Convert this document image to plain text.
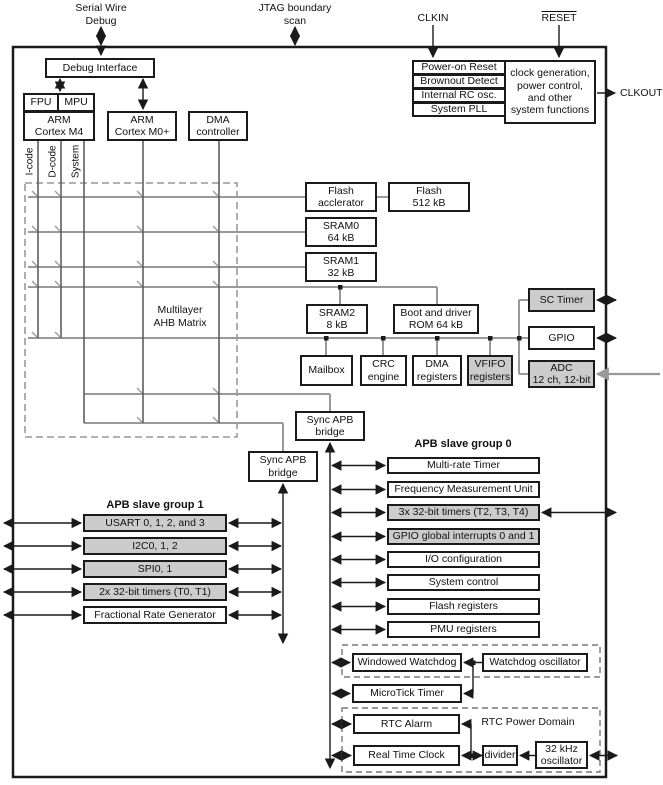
Serial Wire
Debug
JTAG boundary
scan	CLKIN	RESET
CLKOUT
Debug Interface
FPU	MPU
ARM
Cortex M4
ARM
Cortex M0+
DMA
controller
I-code D-code System
Power-on Reset
Brownout Detect
Internal RC osc.
System PLL
clock generation,
power control,
and other
system functions
Multilayer
AHB Matrix
Flash
acclerator
Flash
512 kB
SRAM0
64 kB
SRAM1
32 kB
SRAM2
8 kB
Boot and driver
ROM 64 kB
Mailbox
CRC
engine
DMA
registers
VFIFO
registers
SC Timer
GPIO
ADC
12 ch, 12-bit
Sync APB
bridge
Sync APB
bridge
APB slave group 0
Multi-rate Timer
Frequency Measurement Unit
3x 32-bit timers (T2, T3, T4)
GPIO global interrupts 0 and 1
I/O configuration
System control
Flash registers
PMU registers
APB slave group 1
USART 0, 1, 2, and 3
I2C0, 1, 2
SPI0, 1
2x 32-bit timers (T0, T1)
Fractional Rate Generator
Windowed Watchdog	Watchdog oscillator
MicroTick Timer
RTC Power Domain
RTC Alarm
Real Time Clock	divider
32 kHz
oscillator
